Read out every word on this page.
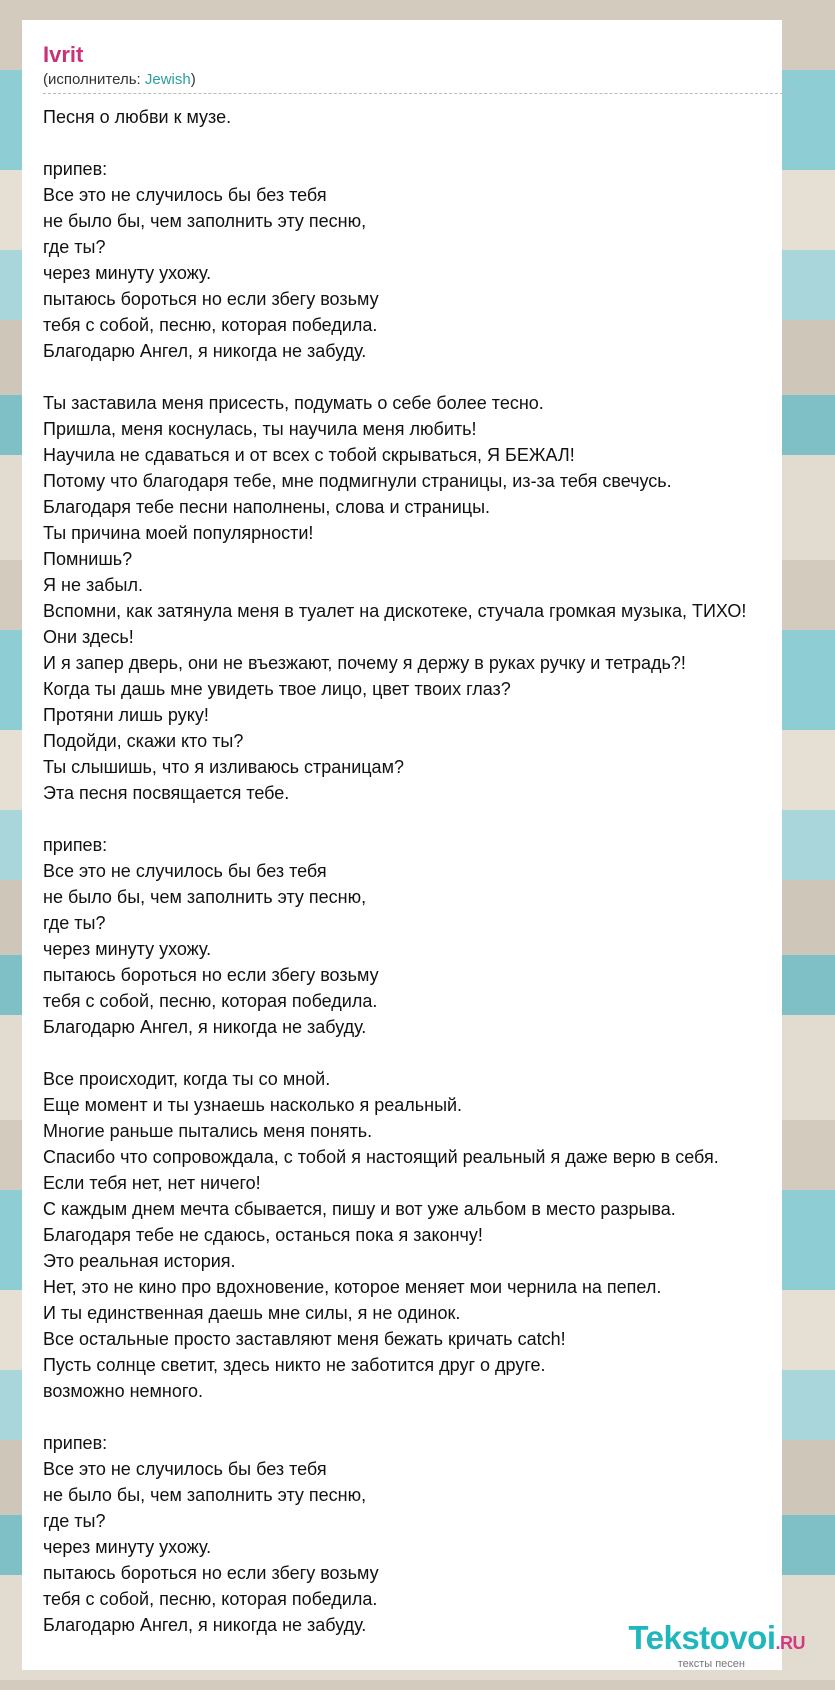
Ivrit
(исполнитель: Jewish)
Песня о любви к музе.
припев:
Все это не случилось бы без тебя
не было бы, чем заполнить эту песню,
где ты?
через минуту ухожу.
пытаюсь бороться но если збегу возьму
тебя с собой, песню, которая победила.
Благодарю Ангел, я никогда не забуду.
Ты заставила меня присесть, подумать о себе более тесно.
Пришла, меня коснулась, ты научила меня любить!
Научила не сдаваться и от всех с тобой скрываться, Я БЕЖАЛ!
Потому что благодаря тебе, мне подмигнули страницы, из-за тебя свечусь.
Благодаря тебе песни наполнены, слова и страницы.
Ты причина моей популярности!
Помнишь?
Я не забыл.
Вспомни, как затянула меня в туалет на дискотеке, стучала громкая музыка, ТИХО!
Они здесь!
И я запер дверь, они не въезжают, почему я держу в руках ручку и тетрадь?!
Когда ты дашь мне увидеть твое лицо, цвет твоих глаз?
Протяни лишь руку!
Подойди, скажи кто ты?
Ты слышишь, что я изливаюсь страницам?
Эта песня посвящается тебе.
припев:
Все это не случилось бы без тебя
не было бы, чем заполнить эту песню,
где ты?
через минуту ухожу.
пытаюсь бороться но если збегу возьму
тебя с собой, песню, которая победила.
Благодарю Ангел, я никогда не забуду.
Все происходит, когда ты со мной.
Еще момент и ты узнаешь насколько я реальный.
Многие раньше пытались меня понять.
Спасибо что сопровождала, с тобой я настоящий реальный я даже верю в себя.
Если тебя нет, нет ничего!
С каждым днем мечта сбывается, пишу и вот уже альбом в место разрыва.
Благодаря тебе не сдаюсь, останься пока я закончу!
Это реальная история.
Нет, это не кино про вдохновение, которое меняет мои чернила на пепел.
И ты единственная даешь мне силы, я не одинок.
Все остальные просто заставляют меня бежать кричать catch!
Пусть солнце светит, здесь никто не заботится друг о друге.
возможно немного.
припев:
Все это не случилось бы без тебя
не было бы, чем заполнить эту песню,
где ты?
через минуту ухожу.
пытаюсь бороться но если збегу возьму
тебя с собой, песню, которая победила.
Благодарю Ангел, я никогда не забуду.	Tekstovoi.RU
тексты песен
